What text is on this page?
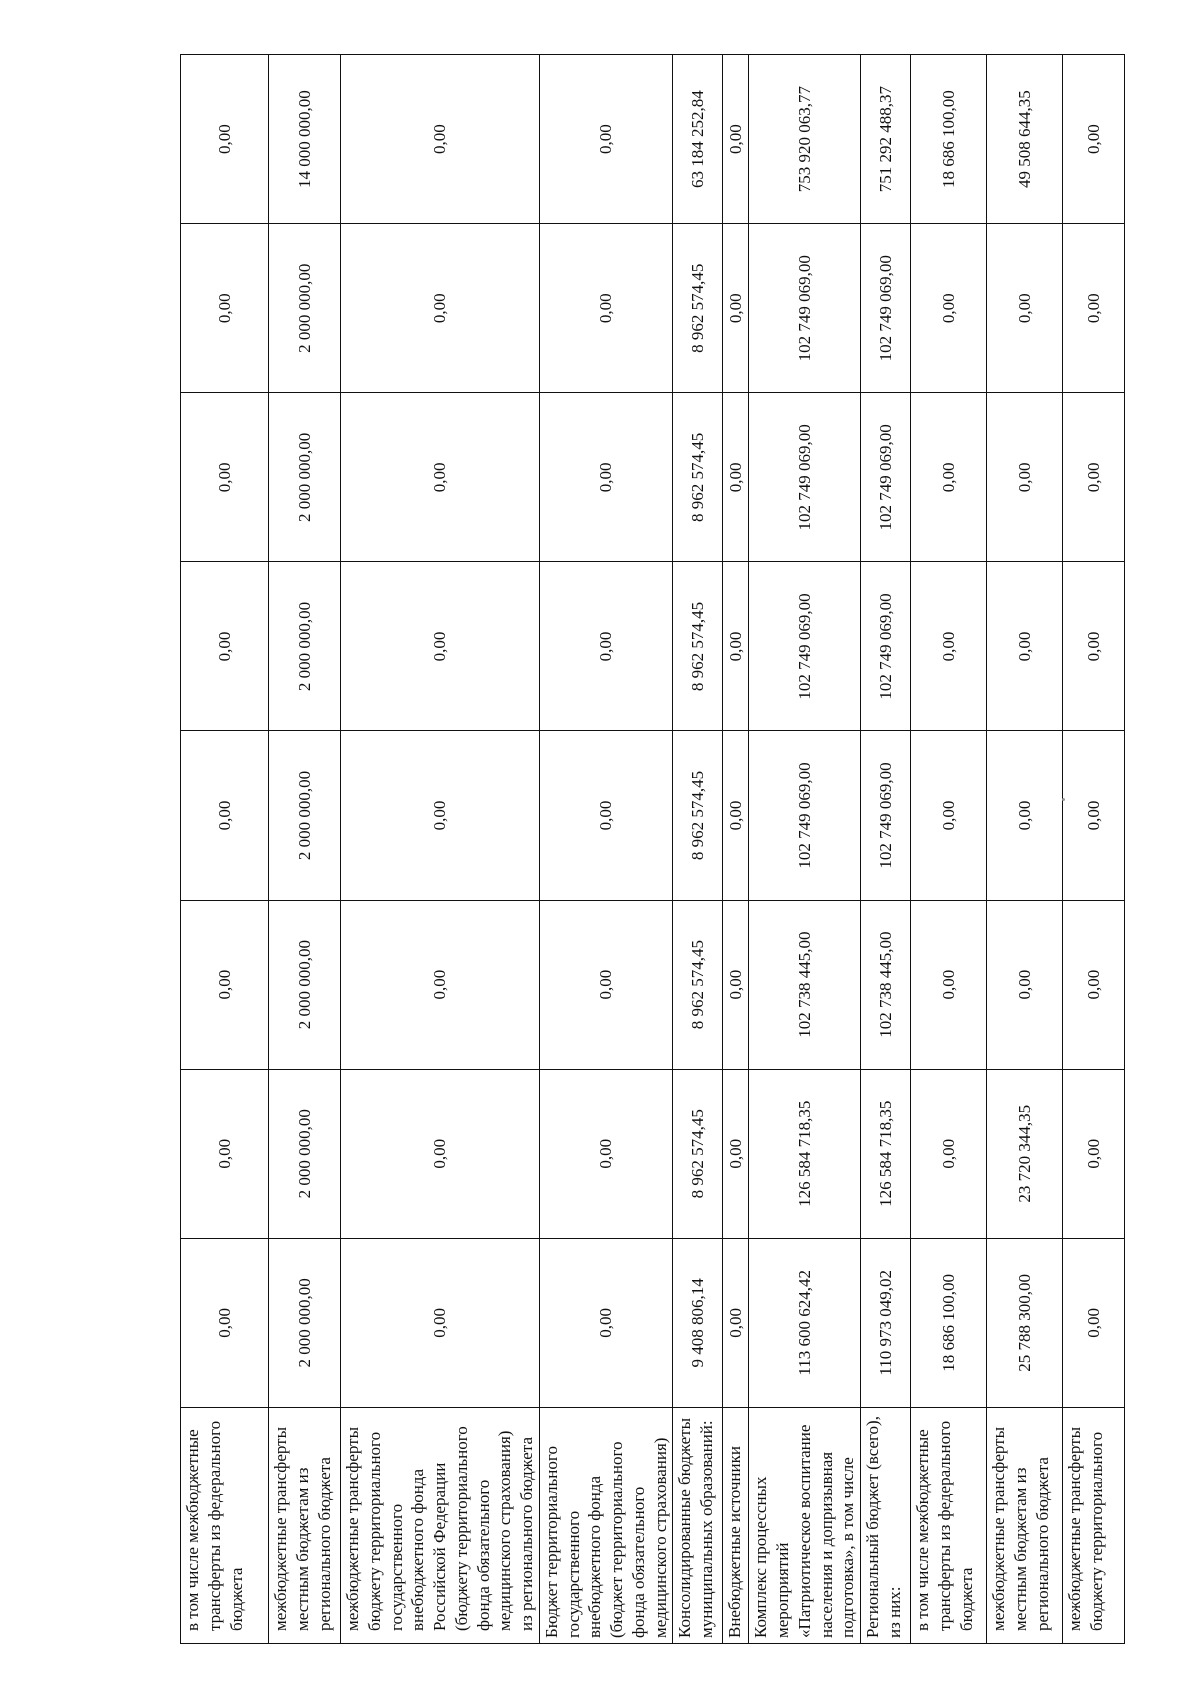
в том числе межбюджетные трансферты из федерального бюджета	0,00	0,00	0,00	0,00	0,00	0,00	0,00	0,00
межбюджетные трансферты местным бюджетам из регионального бюджета	2 000 000,00	2 000 000,00	2 000 000,00	2 000 000,00	2 000 000,00	2 000 000,00	2 000 000,00	14 000 000,00
межбюджетные трансферты бюджету территориального государственного внебюджетного фонда Российской Федерации (бюджету территориального фонда обязательного медицинского страхования) из регионального бюджета	0,00	0,00	0,00	0,00	0,00	0,00	0,00	0,00
Бюджет территориального государственного внебюджетного фонда (бюджет территориального фонда обязательного медицинского страхования)	0,00	0,00	0,00	0,00	0,00	0,00	0,00	0,00
Консолидированные бюджеты муниципальных образований:	9 408 806,14	8 962 574,45	8 962 574,45	8 962 574,45	8 962 574,45	8 962 574,45	8 962 574,45	63 184 252,84
Внебюджетные источники	0,00	0,00	0,00	0,00	0,00	0,00	0,00	0,00
Комплекс процессных мероприятий «Патриотическое воспитание населения и допризывная подготовка», в том числе	113 600 624,42	126 584 718,35	102 738 445,00	102 749 069,00	102 749 069,00	102 749 069,00	102 749 069,00	753 920 063,77
Региональный бюджет (всего), из них:	110 973 049,02	126 584 718,35	102 738 445,00	102 749 069,00	102 749 069,00	102 749 069,00	102 749 069,00	751 292 488,37
в том числе межбюджетные трансферты из федерального бюджета	18 686 100,00	0,00	0,00	0,00	0,00	0,00	0,00	18 686 100,00
межбюджетные трансферты местным бюджетам из регионального бюджета	25 788 300,00	23 720 344,35	0,00	0,00	0,00	0,00	0,00	49 508 644,35
межбюджетные трансферты бюджету территориального	0,00	0,00	0,00	0,00	0,00	0,00	0,00	0,00
